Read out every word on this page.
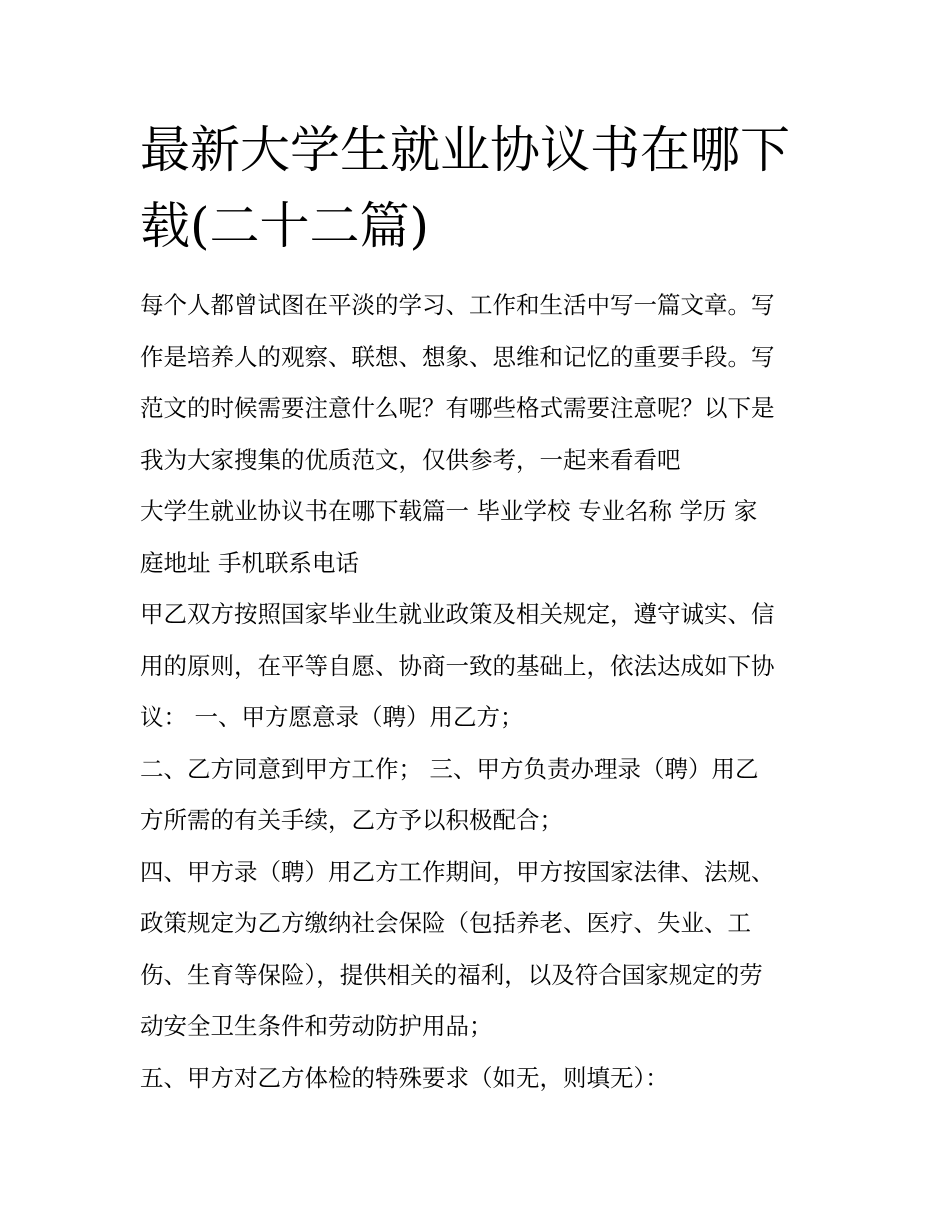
最新大学生就业协议书在哪下
载(二十二篇)
每个人都曾试图在平淡的学习、工作和生活中写一篇文章。写
作是培养人的观察、联想、想象、思维和记忆的重要手段。写
范文的时候需要注意什么呢？有哪些格式需要注意呢？以下是
我为大家搜集的优质范文，仅供参考，一起来看看吧
大学生就业协议书在哪下载篇一 毕业学校 专业名称 学历 家
庭地址 手机联系电话
甲乙双方按照国家毕业生就业政策及相关规定，遵守诚实、信
用的原则，在平等自愿、协商一致的基础上，依法达成如下协
议： 一、甲方愿意录（聘）用乙方；
二、乙方同意到甲方工作； 三、甲方负责办理录（聘）用乙
方所需的有关手续，乙方予以积极配合；
四、甲方录（聘）用乙方工作期间，甲方按国家法律、法规、
政策规定为乙方缴纳社会保险（包括养老、医疗、失业、工
伤、生育等保险），提供相关的福利，以及符合国家规定的劳
动安全卫生条件和劳动防护用品；
五、甲方对乙方体检的特殊要求（如无，则填无）：
